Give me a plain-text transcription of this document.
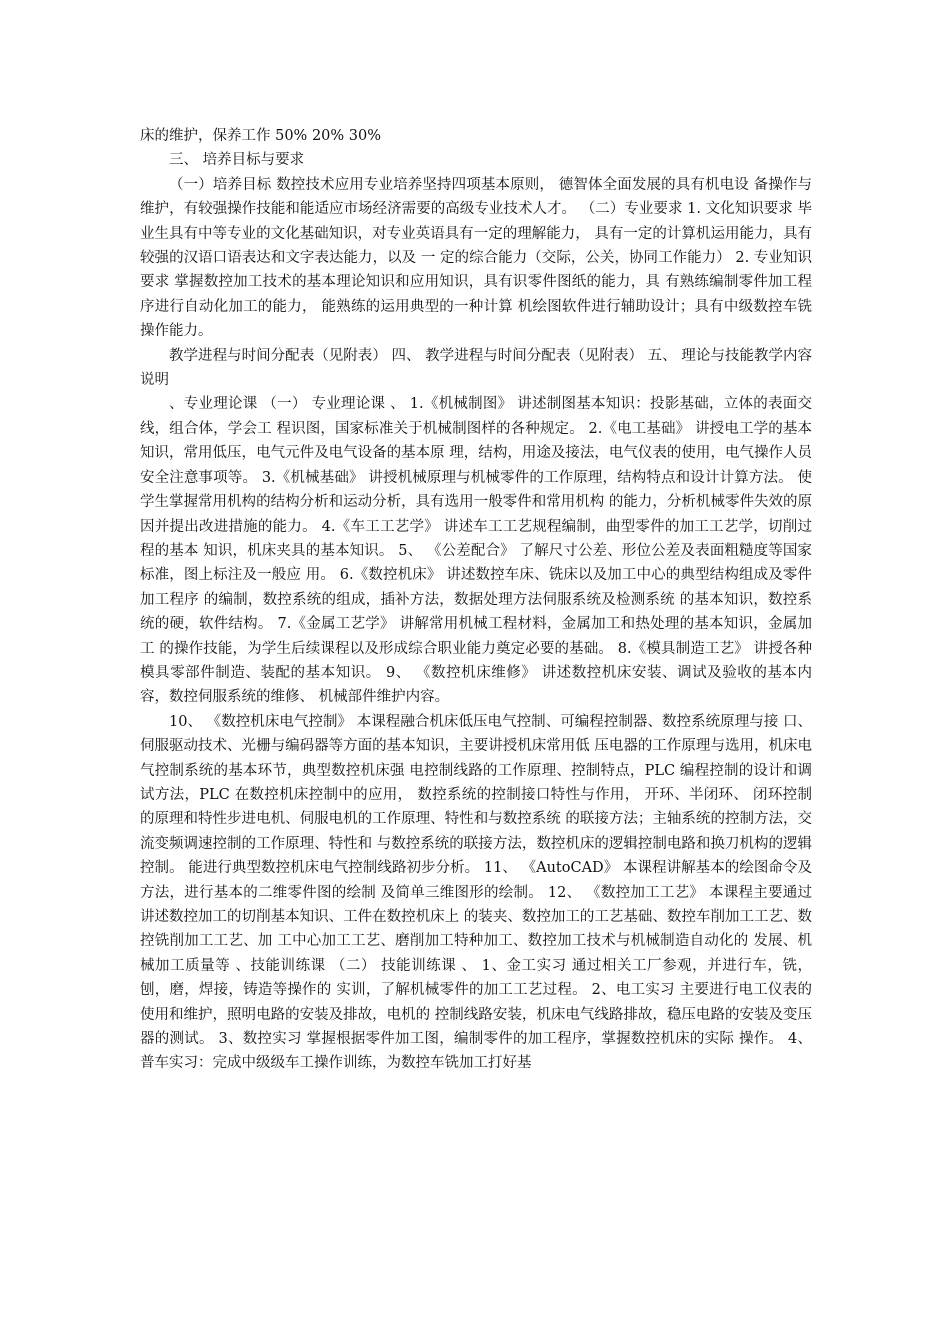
床的维护，保养工作 50% 20% 30%

三、 培养目标与要求

（一）培养目标 数控技术应用专业培养坚持四项基本原则， 德智体全面发展的具有机电设 备操作与维护，有较强操作技能和能适应市场经济需要的高级专业技术人才。 （二）专业要求 1. 文化知识要求 毕业生具有中等专业的文化基础知识，对专业英语具有一定的理解能力， 具有一定的计算机运用能力，具有较强的汉语口语表达和文字表达能力，以及 一 定的综合能力（交际，公关，协同工作能力） 2. 专业知识要求 掌握数控加工技术的基本理论知识和应用知识，具有识零件图纸的能力，具 有熟练编制零件加工程序进行自动化加工的能力， 能熟练的运用典型的一种计算 机绘图软件进行辅助设计；具有中级数控车铣操作能力。

教学进程与时间分配表（见附表） 四、 教学进程与时间分配表（见附表） 五、 理论与技能教学内容说明

、专业理论课 （一） 专业理论课 、 1.《机械制图》 讲述制图基本知识：投影基础，立体的表面交线，组合体，学会工 程识图，国家标准关于机械制图样的各种规定。 2.《电工基础》 讲授电工学的基本知识，常用低压，电气元件及电气设备的基本原 理，结构，用途及接法，电气仪表的使用，电气操作人员安全注意事项等。 3.《机械基础》 讲授机械原理与机械零件的工作原理，结构特点和设计计算方法。 使学生掌握常用机构的结构分析和运动分析，具有选用一般零件和常用机构 的能力，分析机械零件失效的原因并提出改进措施的能力。 4.《车工工艺学》 讲述车工工艺规程编制，曲型零件的加工工艺学，切削过程的基本 知识，机床夹具的基本知识。 5、 《公差配合》 了解尺寸公差、形位公差及表面粗糙度等国家标准，图上标注及一般应 用。 6.《数控机床》 讲述数控车床、铣床以及加工中心的典型结构组成及零件加工程序 的编制，数控系统的组成，插补方法，数据处理方法伺服系统及检测系统 的基本知识，数控系统的硬，软件结构。 7.《金属工艺学》 讲解常用机械工程材料，金属加工和热处理的基本知识，金属加工 的操作技能，为学生后续课程以及形成综合职业能力奠定必要的基础。 8.《模具制造工艺》 讲授各种模具零部件制造、装配的基本知识。 9、 《数控机床维修》 讲述数控机床安装、调试及验收的基本内容，数控伺服系统的维修、 机械部件维护内容。

10、 《数控机床电气控制》 本课程融合机床低压电气控制、可编程控制器、数控系统原理与接 口、伺服驱动技术、光栅与编码器等方面的基本知识，主要讲授机床常用低 压电器的工作原理与选用，机床电气控制系统的基本环节，典型数控机床强 电控制线路的工作原理、控制特点，PLC 编程控制的设计和调试方法，PLC 在数控机床控制中的应用， 数控系统的控制接口特性与作用， 开环、半闭环、 闭环控制的原理和特性步进电机、伺服电机的工作原理、特性和与数控系统 的联接方法；主轴系统的控制方法，交流变频调速控制的工作原理、特性和 与数控系统的联接方法，数控机床的逻辑控制电路和换刀机构的逻辑控制。 能进行典型数控机床电气控制线路初步分析。 11、 《AutoCAD》 本课程讲解基本的绘图命令及方法，进行基本的二维零件图的绘制 及简单三维图形的绘制。 12、 《数控加工工艺》 本课程主要通过讲述数控加工的切削基本知识、工件在数控机床上 的装夹、数控加工的工艺基础、数控车削加工工艺、数控铣削加工工艺、加 工中心加工工艺、磨削加工特种加工、数控加工技术与机械制造自动化的 发展、机械加工质量等 、技能训练课 （二） 技能训练课 、 1、金工实习 通过相关工厂参观，并进行车，铣，刨，磨，焊接，铸造等操作的 实训，了解机械零件的加工工艺过程。 2、电工实习 主要进行电工仪表的使用和维护，照明电路的安装及排故，电机的 控制线路安装，机床电气线路排故，稳压电路的安装及变压器的测试。 3、数控实习 掌握根据零件加工图，编制零件的加工程序，掌握数控机床的实际 操作。 4、普车实习：完成中级级车工操作训练，为数控车铣加工打好基
